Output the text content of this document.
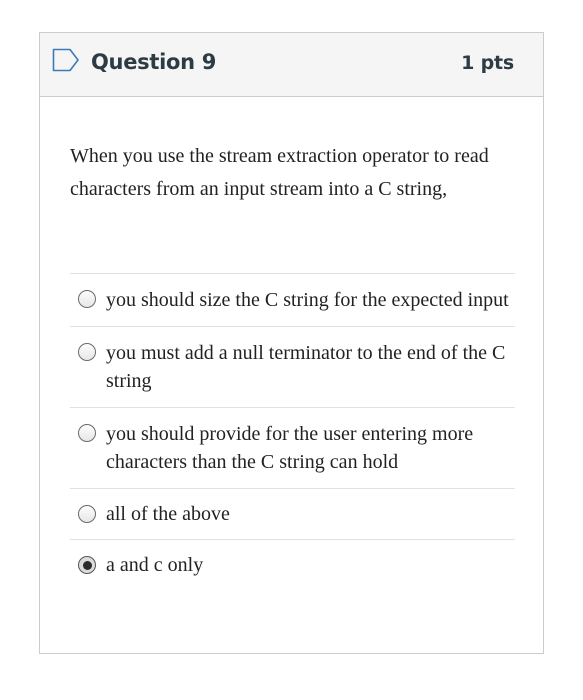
Question 9	1 pts
When you use the stream extraction operator to read characters from an input stream into a C string,
you should size the C string for the expected input
you must add a null terminator to the end of the C string
you should provide for the user entering more characters than the C string can hold
all of the above
a and c only
